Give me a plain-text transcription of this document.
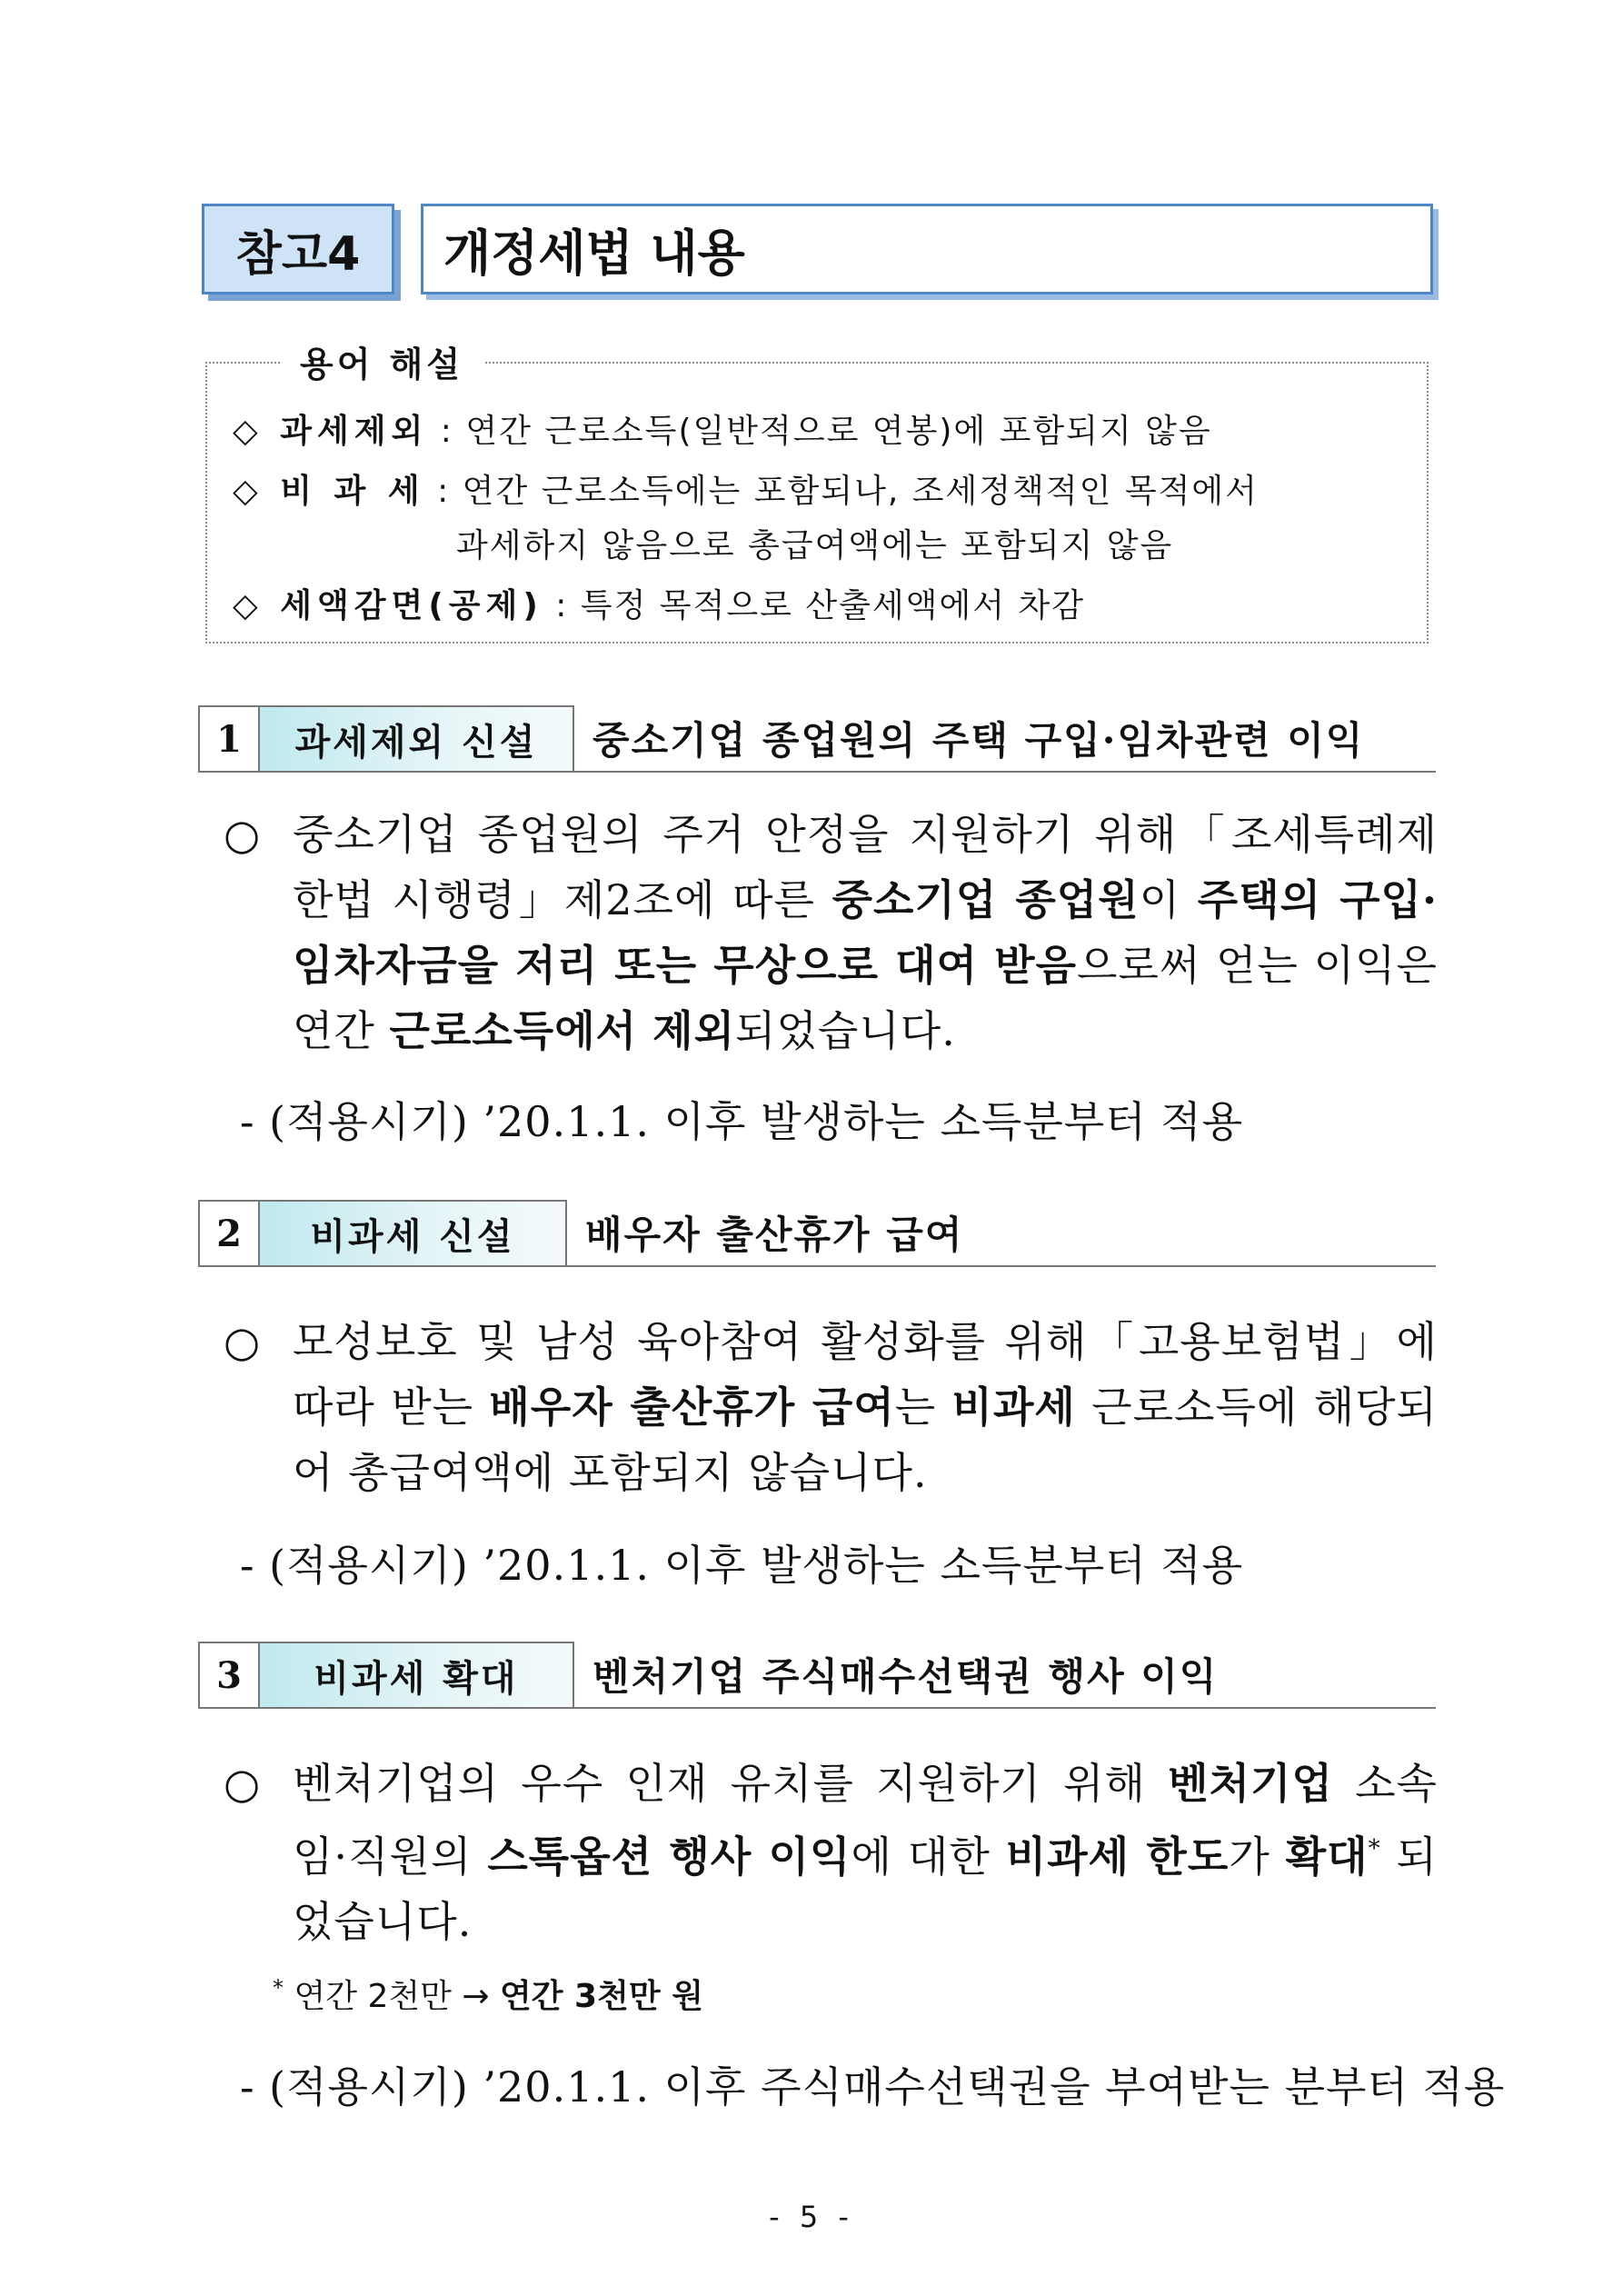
참고4	개정세법 내용
용어 해설
◇ 과세제외 : 연간 근로소득(일반적으로 연봉)에 포함되지 않음
◇ 비 과 세 : 연간 근로소득에는 포함되나, 조세정책적인 목적에서
과세하지 않음으로 총급여액에는 포함되지 않음
◇ 세액감면(공제) : 특정 목적으로 산출세액에서 차감
1	과세제외 신설	중소기업 종업원의 주택 구입·임차관련 이익
○ 중소기업 종업원의 주거 안정을 지원하기 위해「조세특례제한법 시행령」제2조에 따른 중소기업 종업원이 주택의 구입·임차자금을 저리 또는 무상으로 대여 받음으로써 얻는 이익은 연간 근로소득에서 제외되었습니다.
- (적용시기) ’20.1.1. 이후 발생하는 소득분부터 적용
2	비과세 신설	배우자 출산휴가 급여
○ 모성보호 및 남성 육아참여 활성화를 위해「고용보험법」에 따라 받는 배우자 출산휴가 급여는 비과세 근로소득에 해당되어 총급여액에 포함되지 않습니다.
- (적용시기) ’20.1.1. 이후 발생하는 소득분부터 적용
3	비과세 확대	벤처기업 주식매수선택권 행사 이익
○ 벤처기업의 우수 인재 유치를 지원하기 위해 벤처기업 소속 임·직원의 스톡옵션 행사 이익에 대한 비과세 한도가 확대* 되었습니다.
* 연간 2천만 → 연간 3천만 원
- (적용시기) ’20.1.1. 이후 주식매수선택권을 부여받는 분부터 적용
- 5 -
